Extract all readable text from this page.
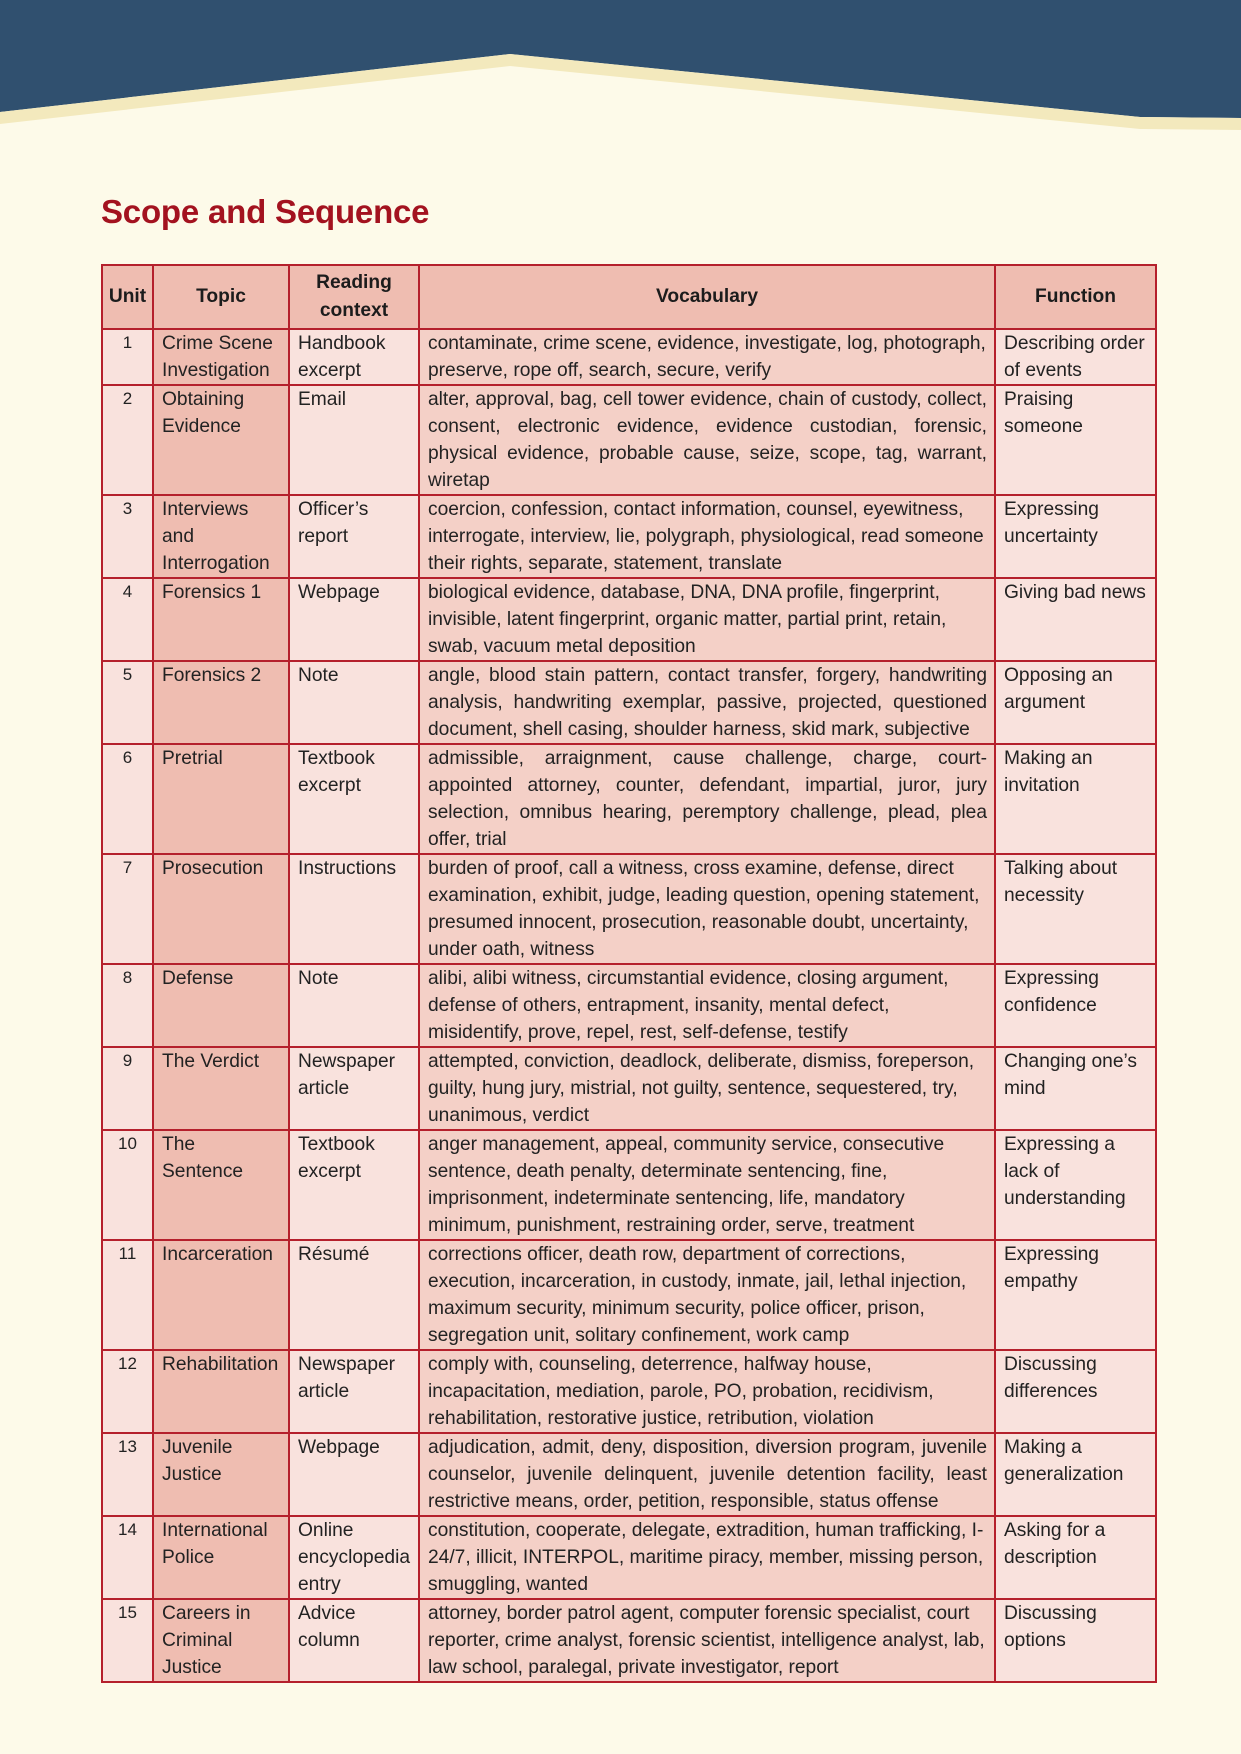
Scope and Sequence
Unit	Topic	Reading context	Vocabulary	Function

1	Crime Scene Investigation	Handbook excerpt	contaminate, crime scene, evidence, investigate, log, photograph, preserve, rope off, search, secure, verify	Describing order of events

2	Obtaining Evidence	Email	alter, approval, bag, cell tower evidence, chain of custody, collect, consent, electronic evidence, evidence custodian, forensic, physical evidence, probable cause, seize, scope, tag, warrant, wiretap	Praising someone

3	Interviews and Interrogation	Officer’s report	coercion, confession, contact information, counsel, eyewitness, interrogate, interview, lie, polygraph, physiological, read someone their rights, separate, statement, translate	Expressing uncertainty

4	Forensics 1	Webpage	biological evidence, database, DNA, DNA profile, fingerprint, invisible, latent fingerprint, organic matter, partial print, retain, swab, vacuum metal deposition	Giving bad news

5	Forensics 2	Note	angle, blood stain pattern, contact transfer, forgery, handwriting analysis, handwriting exemplar, passive, projected, questioned document, shell casing, shoulder harness, skid mark, subjective	Opposing an argument

6	Pretrial	Textbook excerpt	admissible, arraignment, cause challenge, charge, court-appointed attorney, counter, defendant, impartial, juror, jury selection, omnibus hearing, peremptory challenge, plead, plea offer, trial	Making an invitation

7	Prosecution	Instructions	burden of proof, call a witness, cross examine, defense, direct examination, exhibit, judge, leading question, opening statement, presumed innocent, prosecution, reasonable doubt, uncertainty, under oath, witness	Talking about necessity

8	Defense	Note	alibi, alibi witness, circumstantial evidence, closing argument, defense of others, entrapment, insanity, mental defect, misidentify, prove, repel, rest, self-defense, testify	Expressing confidence

9	The Verdict	Newspaper article	attempted, conviction, deadlock, deliberate, dismiss, foreperson, guilty, hung jury, mistrial, not guilty, sentence, sequestered, try, unanimous, verdict	Changing one’s mind

10	The Sentence	Textbook excerpt	anger management, appeal, community service, consecutive sentence, death penalty, determinate sentencing, fine, imprisonment, indeterminate sentencing, life, mandatory minimum, punishment, restraining order, serve, treatment	Expressing a lack of understanding

11	Incarceration	Résumé	corrections officer, death row, department of corrections, execution, incarceration, in custody, inmate, jail, lethal injection, maximum security, minimum security, police officer, prison, segregation unit, solitary confinement, work camp	Expressing empathy

12	Rehabilitation	Newspaper article	comply with, counseling, deterrence, halfway house, incapacitation, mediation, parole, PO, probation, recidivism, rehabilitation, restorative justice, retribution, violation	Discussing differences

13	Juvenile Justice	Webpage	adjudication, admit, deny, disposition, diversion program, juvenile counselor, juvenile delinquent, juvenile detention facility, least restrictive means, order, petition, responsible, status offense	Making a generalization

14	International Police	Online encyclopedia entry	constitution, cooperate, delegate, extradition, human trafficking, I-24/7, illicit, INTERPOL, maritime piracy, member, missing person, smuggling, wanted	Asking for a description

15	Careers in Criminal Justice	Advice column	attorney, border patrol agent, computer forensic specialist, court reporter, crime analyst, forensic scientist, intelligence analyst, lab, law school, paralegal, private investigator, report	Discussing options
